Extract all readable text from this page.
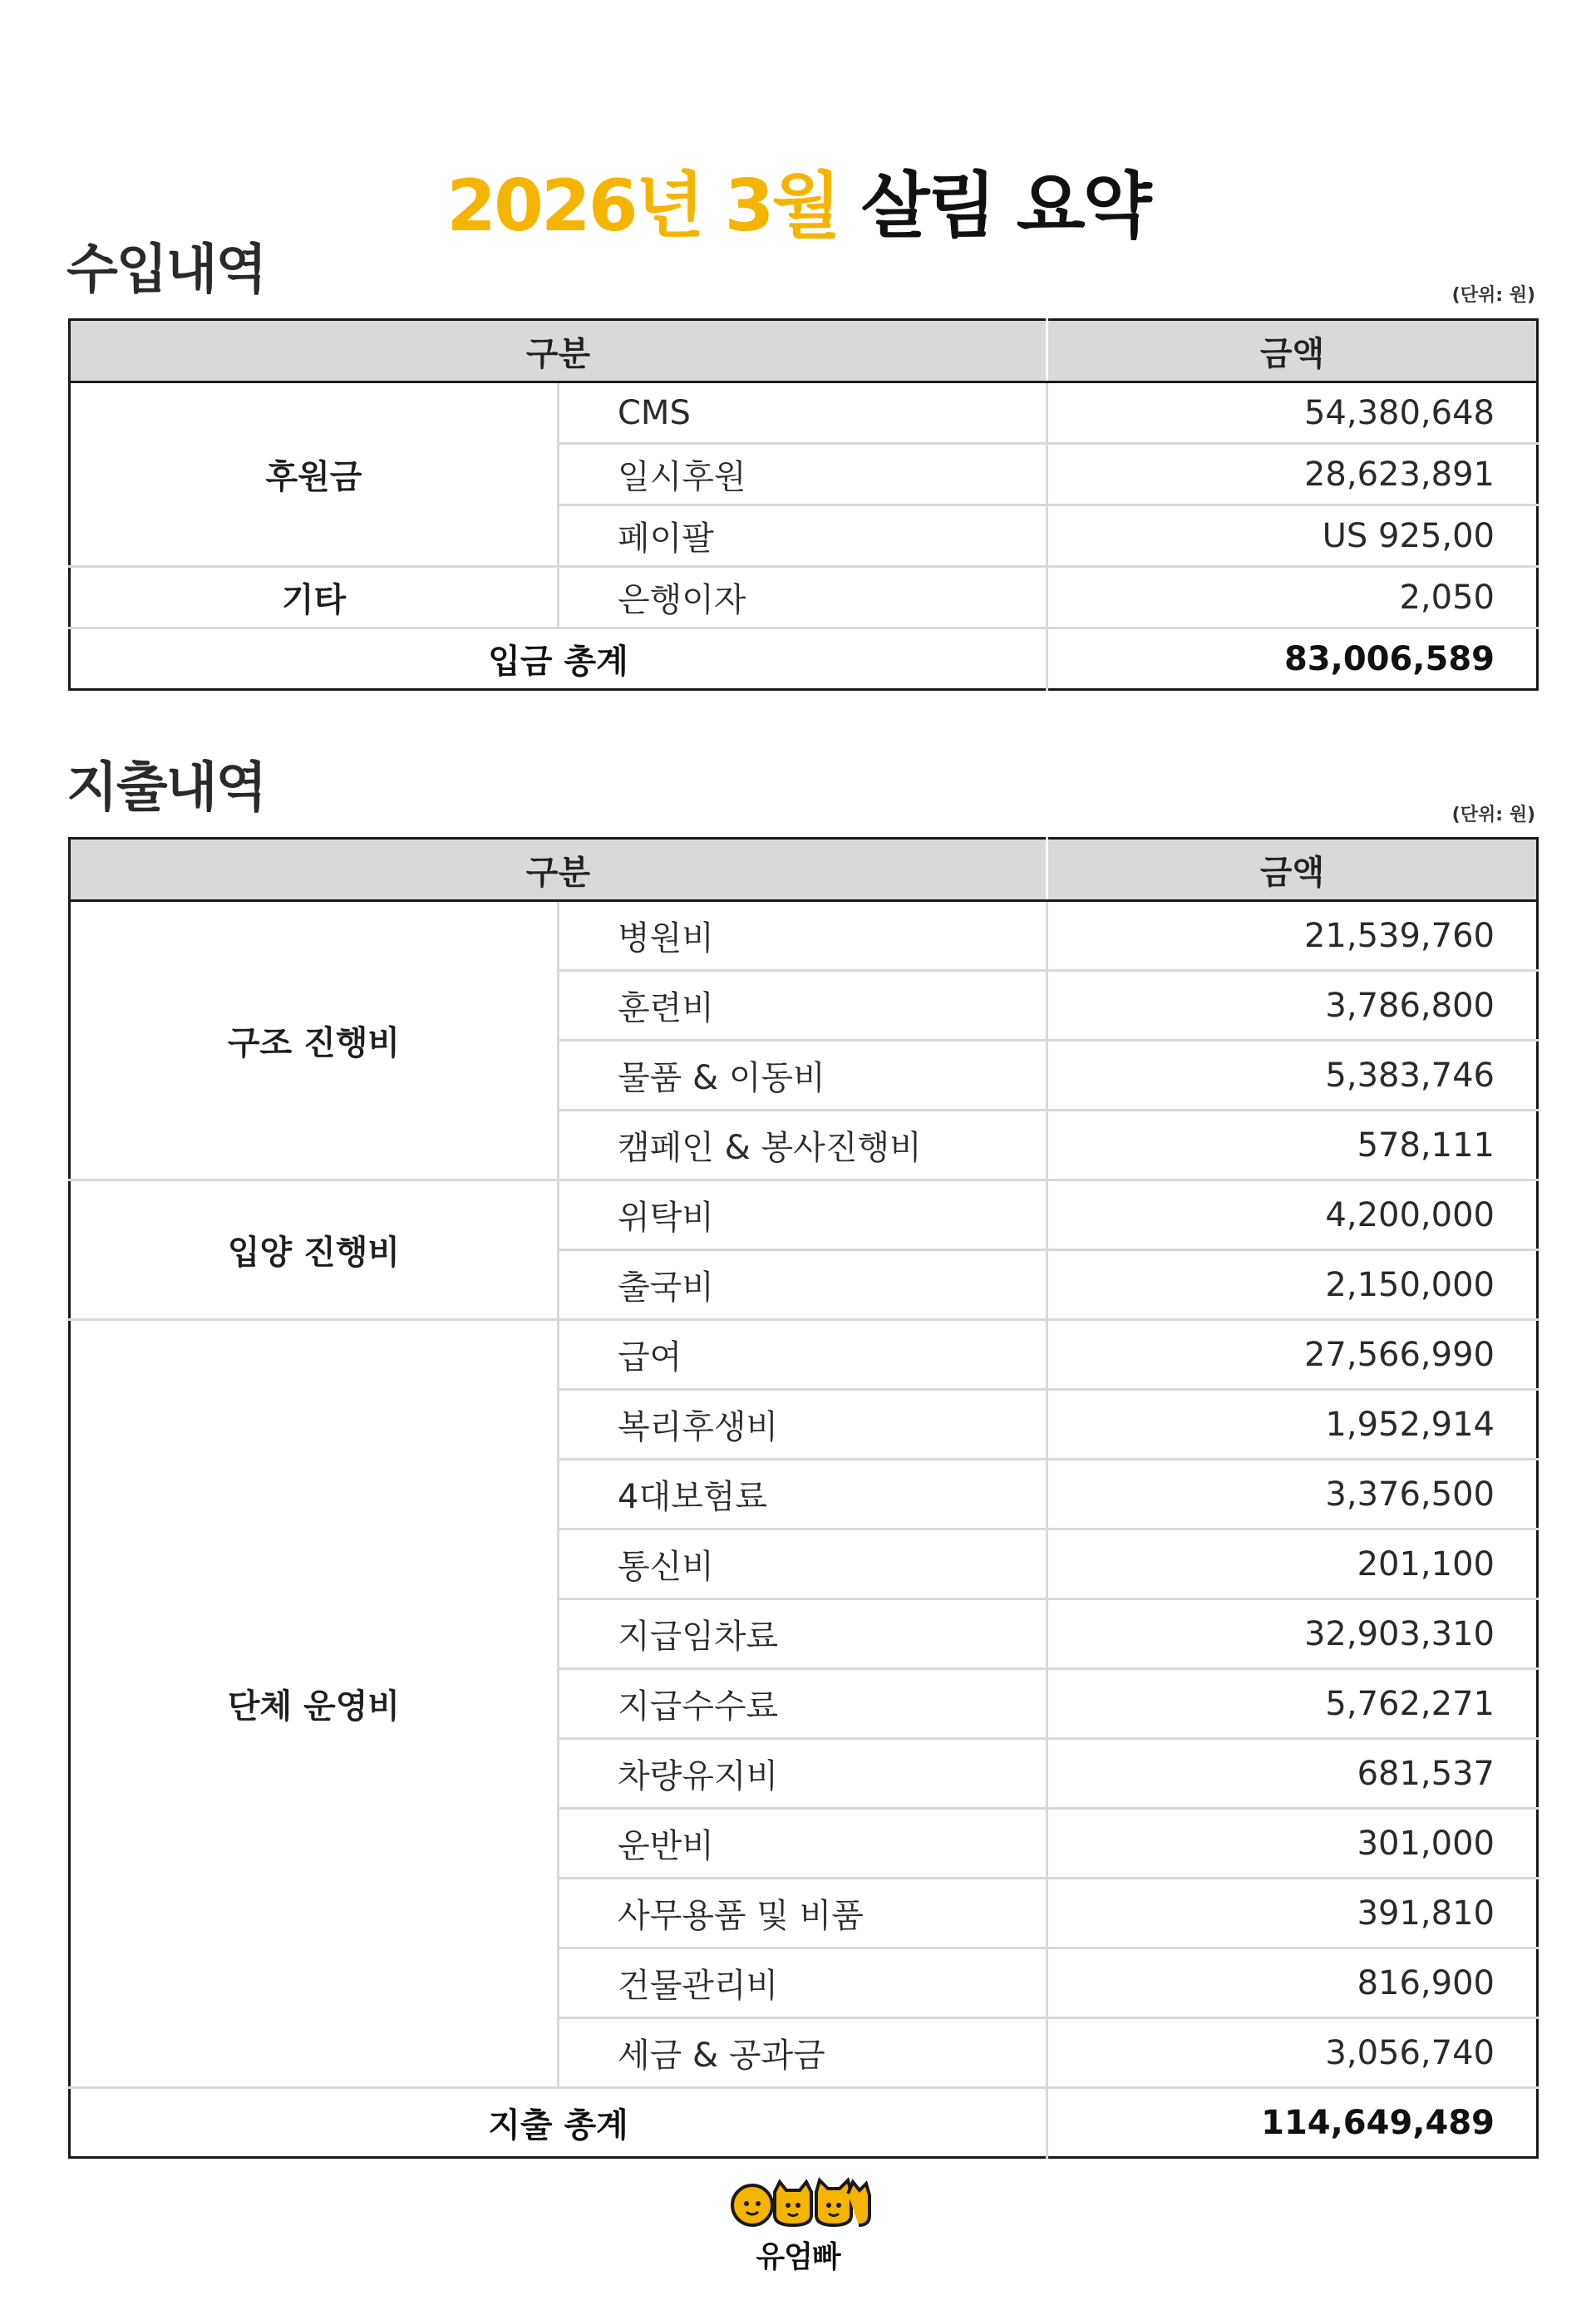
2026년 3월 살림 요약
수입내역	(단위: 원)
구분		금액
후원금	CMS	54,380,648
	일시후원	28,623,891
	페이팔	US 925,00
기타	은행이자	2,050
입금 총계		83,006,589
지출내역	(단위: 원)
구분		금액
구조 진행비	병원비	21,539,760
	훈련비	3,786,800
	물품 & 이동비	5,383,746
	캠페인 & 봉사진행비	578,111
입양 진행비	위탁비	4,200,000
	출국비	2,150,000
단체 운영비	급여	27,566,990
	복리후생비	1,952,914
	4대보험료	3,376,500
	통신비	201,100
	지급임차료	32,903,310
	지급수수료	5,762,271
	차량유지비	681,537
	운반비	301,000
	사무용품 및 비품	391,810
	건물관리비	816,900
	세금 & 공과금	3,056,740
지출 총계		114,649,489
유엄빠
